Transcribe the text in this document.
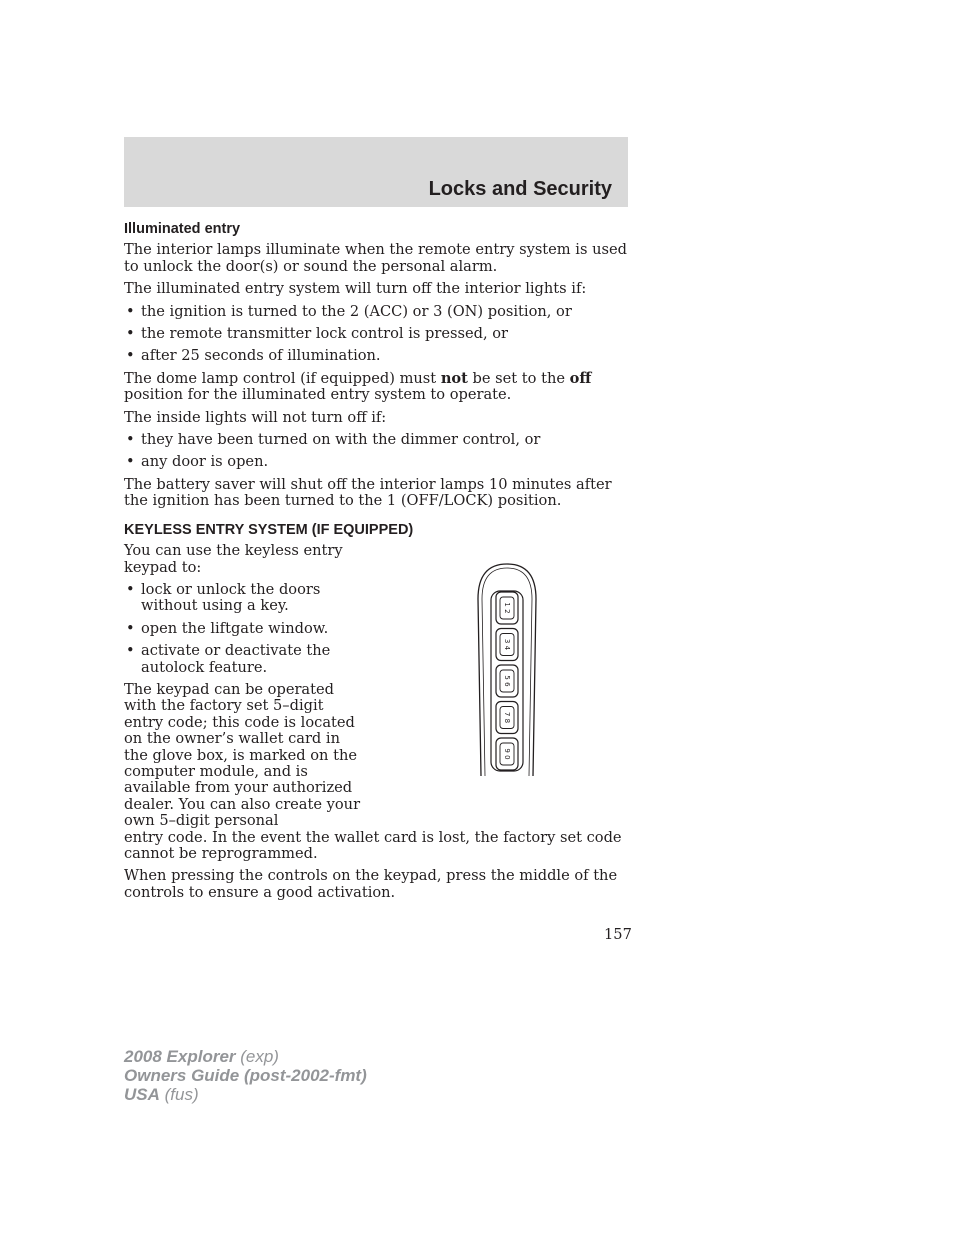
Locks and Security
Illuminated entry

The interior lamps illuminate when the remote entry system is used to unlock the door(s) or sound the personal alarm.

The illuminated entry system will turn off the interior lights if:

• the ignition is turned to the 2 (ACC) or 3 (ON) position, or
• the remote transmitter lock control is pressed, or
• after 25 seconds of illumination.

The dome lamp control (if equipped) must not be set to the off position for the illuminated entry system to operate.

The inside lights will not turn off if:

• they have been turned on with the dimmer control, or
• any door is open.

The battery saver will shut off the interior lamps 10 minutes after the ignition has been turned to the 1 (OFF/LOCK) position.

KEYLESS ENTRY SYSTEM (IF EQUIPPED)

You can use the keyless entry keypad to:

• lock or unlock the doors without using a key.
• open the liftgate window.
• activate or deactivate the autolock feature.

The keypad can be operated with the factory set 5–digit entry code; this code is located on the owner’s wallet card in the glove box, is marked on the computer module, and is available from your authorized dealer. You can also create your own 5–digit personal
entry code. In the event the wallet card is lost, the factory set code cannot be reprogrammed.

When pressing the controls on the keypad, press the middle of the controls to ensure a good activation.

1 2
3 4
5 6
7 8
9 0
157
2008 Explorer (exp)
Owners Guide (post-2002-fmt)
USA (fus)
